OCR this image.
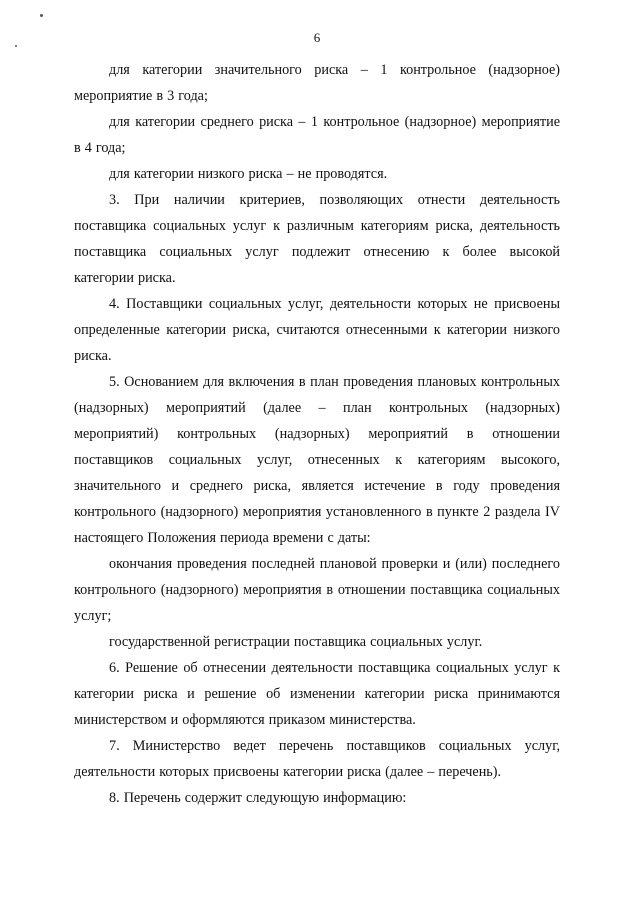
6

для категории значительного риска – 1 контрольное (надзорное) мероприятие в 3 года;

для категории среднего риска – 1 контрольное (надзорное) мероприятие в 4 года;

для категории низкого риска – не проводятся.

3. При наличии критериев, позволяющих отнести деятельность поставщика социальных услуг к различным категориям риска, деятельность поставщика социальных услуг подлежит отнесению к более высокой категории риска.

4. Поставщики социальных услуг, деятельности которых не присвоены определенные категории риска, считаются отнесенными к категории низкого риска.

5. Основанием для включения в план проведения плановых контрольных (надзорных) мероприятий (далее – план контрольных (надзорных) мероприятий) контрольных (надзорных) мероприятий в отношении поставщиков социальных услуг, отнесенных к категориям высокого, значительного и среднего риска, является истечение в году проведения контрольного (надзорного) мероприятия установленного в пункте 2 раздела IV настоящего Положения периода времени с даты:

окончания проведения последней плановой проверки и (или) последнего контрольного (надзорного) мероприятия в отношении поставщика социальных услуг;

государственной регистрации поставщика социальных услуг.

6. Решение об отнесении деятельности поставщика социальных услуг к категории риска и решение об изменении категории риска принимаются министерством и оформляются приказом министерства.

7. Министерство ведет перечень поставщиков социальных услуг, деятельности которых присвоены категории риска (далее – перечень).

8. Перечень содержит следующую информацию:
